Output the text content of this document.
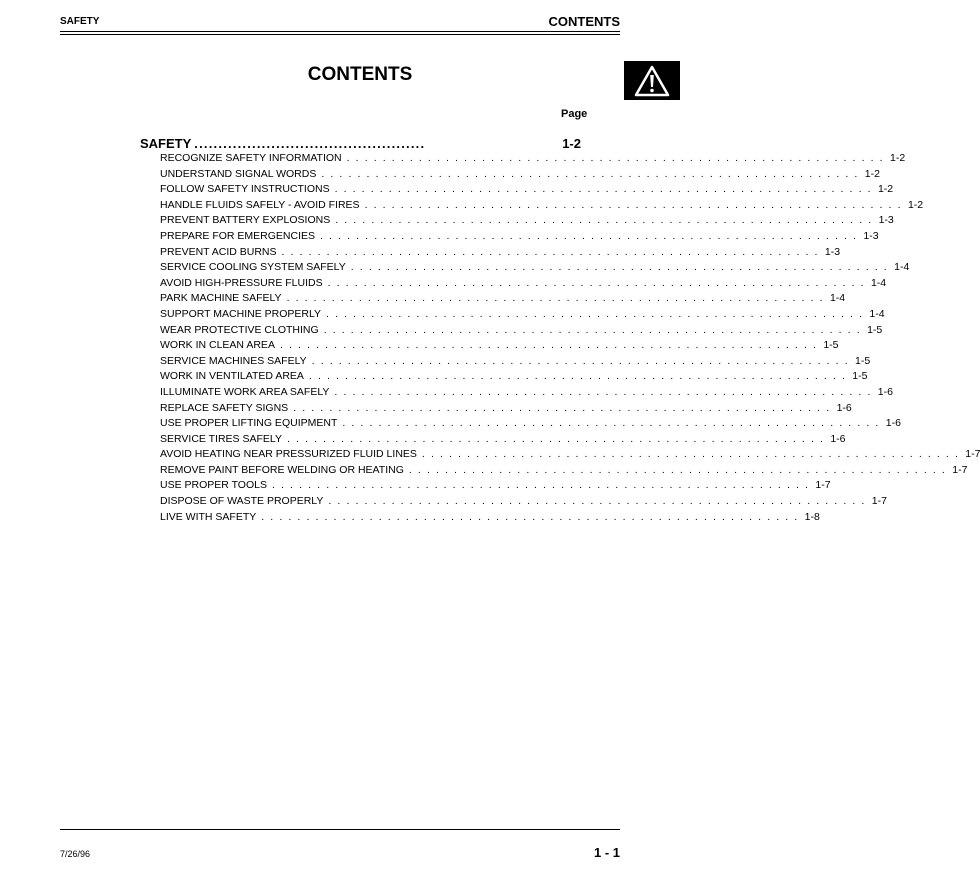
SAFETY	CONTENTS
CONTENTS
Page
SAFETY ................................................	1-2
RECOGNIZE SAFETY INFORMATION . . . . . . . . . . . . . . . . . . . . . . . . . . . . . . . . . . . . . . . . . . . . . . . . . . . . . . . . . . . . 1-2
UNDERSTAND SIGNAL WORDS . . . . . . . . . . . . . . . . . . . . . . . . . . . . . . . . . . . . . . . . . . . . . . . . . . . . . . . . . . . . 1-2
FOLLOW SAFETY INSTRUCTIONS . . . . . . . . . . . . . . . . . . . . . . . . . . . . . . . . . . . . . . . . . . . . . . . . . . . . . . . . . . . . 1-2
HANDLE FLUIDS SAFELY - AVOID FIRES . . . . . . . . . . . . . . . . . . . . . . . . . . . . . . . . . . . . . . . . . . . . . . . . . . . . . . . . . . . . 1-2
PREVENT BATTERY EXPLOSIONS . . . . . . . . . . . . . . . . . . . . . . . . . . . . . . . . . . . . . . . . . . . . . . . . . . . . . . . . . . . . 1-3
PREPARE FOR EMERGENCIES . . . . . . . . . . . . . . . . . . . . . . . . . . . . . . . . . . . . . . . . . . . . . . . . . . . . . . . . . . . . 1-3
PREVENT ACID BURNS . . . . . . . . . . . . . . . . . . . . . . . . . . . . . . . . . . . . . . . . . . . . . . . . . . . . . . . . . . . . 1-3
SERVICE COOLING SYSTEM SAFELY . . . . . . . . . . . . . . . . . . . . . . . . . . . . . . . . . . . . . . . . . . . . . . . . . . . . . . . . . . . . 1-4
AVOID HIGH-PRESSURE FLUIDS . . . . . . . . . . . . . . . . . . . . . . . . . . . . . . . . . . . . . . . . . . . . . . . . . . . . . . . . . . . . 1-4
PARK MACHINE SAFELY . . . . . . . . . . . . . . . . . . . . . . . . . . . . . . . . . . . . . . . . . . . . . . . . . . . . . . . . . . . . 1-4
SUPPORT MACHINE PROPERLY . . . . . . . . . . . . . . . . . . . . . . . . . . . . . . . . . . . . . . . . . . . . . . . . . . . . . . . . . . . . 1-4
WEAR PROTECTIVE CLOTHING . . . . . . . . . . . . . . . . . . . . . . . . . . . . . . . . . . . . . . . . . . . . . . . . . . . . . . . . . . . . 1-5
WORK IN CLEAN AREA . . . . . . . . . . . . . . . . . . . . . . . . . . . . . . . . . . . . . . . . . . . . . . . . . . . . . . . . . . . . 1-5
SERVICE MACHINES SAFELY . . . . . . . . . . . . . . . . . . . . . . . . . . . . . . . . . . . . . . . . . . . . . . . . . . . . . . . . . . . . 1-5
WORK IN VENTILATED AREA . . . . . . . . . . . . . . . . . . . . . . . . . . . . . . . . . . . . . . . . . . . . . . . . . . . . . . . . . . . . 1-5
ILLUMINATE WORK AREA SAFELY . . . . . . . . . . . . . . . . . . . . . . . . . . . . . . . . . . . . . . . . . . . . . . . . . . . . . . . . . . . . 1-6
REPLACE SAFETY SIGNS . . . . . . . . . . . . . . . . . . . . . . . . . . . . . . . . . . . . . . . . . . . . . . . . . . . . . . . . . . . . 1-6
USE PROPER LIFTING EQUIPMENT . . . . . . . . . . . . . . . . . . . . . . . . . . . . . . . . . . . . . . . . . . . . . . . . . . . . . . . . . . . . 1-6
SERVICE TIRES SAFELY . . . . . . . . . . . . . . . . . . . . . . . . . . . . . . . . . . . . . . . . . . . . . . . . . . . . . . . . . . . . 1-6
AVOID HEATING NEAR PRESSURIZED FLUID LINES . . . . . . . . . . . . . . . . . . . . . . . . . . . . . . . . . . . . . . . . . . . . . . . . . . . . . . . . . . . . 1-7
REMOVE PAINT BEFORE WELDING OR HEATING . . . . . . . . . . . . . . . . . . . . . . . . . . . . . . . . . . . . . . . . . . . . . . . . . . . . . . . . . . . . 1-7
USE PROPER TOOLS . . . . . . . . . . . . . . . . . . . . . . . . . . . . . . . . . . . . . . . . . . . . . . . . . . . . . . . . . . . . 1-7
DISPOSE OF WASTE PROPERLY . . . . . . . . . . . . . . . . . . . . . . . . . . . . . . . . . . . . . . . . . . . . . . . . . . . . . . . . . . . . 1-7
LIVE WITH SAFETY . . . . . . . . . . . . . . . . . . . . . . . . . . . . . . . . . . . . . . . . . . . . . . . . . . . . . . . . . . . . 1-8
7/26/96	1 - 1
